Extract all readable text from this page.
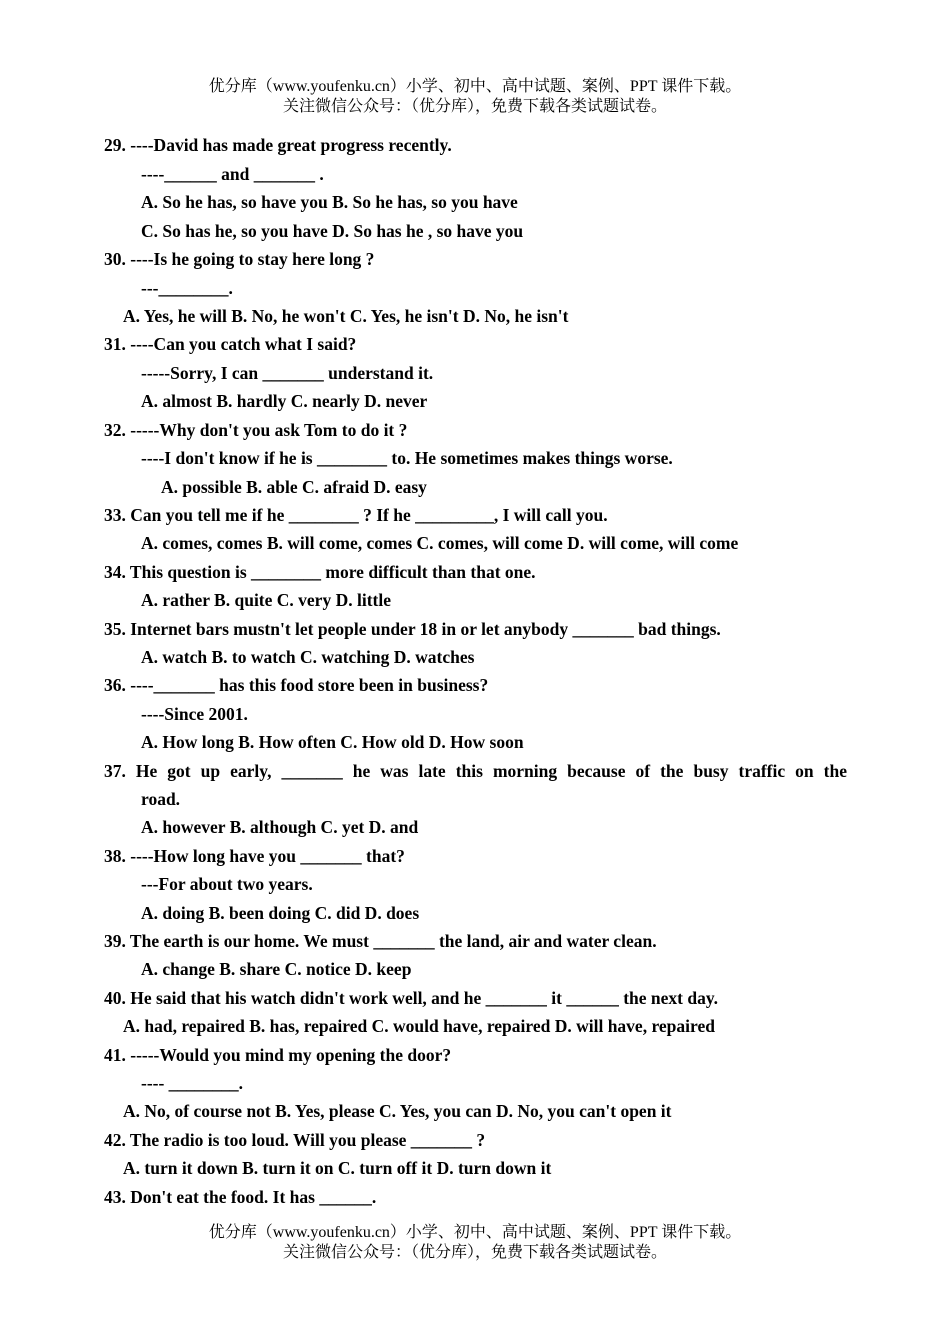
优分库（www.youfenku.cn）小学、初中、高中试题、案例、PPT 课件下载。
关注微信公众号：（优分库），免费下载各类试题试卷。
29. ----David has made great progress recently.
----______ and _______ .
A. So he has, so have you B. So he has, so you have
C. So has he, so you have D. So has he , so have you
30. ----Is he going to stay here long ?
---________.
A. Yes, he will B. No, he won't C. Yes, he isn't D. No, he isn't
31. ----Can you catch what I said?
-----Sorry, I can _______ understand it.
A. almost B. hardly C. nearly D. never
32. -----Why don't you ask Tom to do it ?
----I don't know if he is ________ to. He sometimes makes things worse.
A. possible B. able C. afraid D. easy
33. Can you tell me if he ________ ? If he _________, I will call you.
A. comes, comes B. will come, comes C. comes, will come D. will come, will come
34. This question is ________ more difficult than that one.
A. rather B. quite C. very D. little
35. Internet bars mustn't let people under 18 in or let anybody _______ bad things.
A. watch B. to watch C. watching D. watches
36. ----_______ has this food store been in business?
----Since 2001.
A. How long B. How often C. How old D. How soon
37. He got up early, _______ he was late this morning because of the busy traffic on the
road.
A. however B. although C. yet D. and
38. ----How long have you _______ that?
---For about two years.
A. doing B. been doing C. did D. does
39. The earth is our home. We must _______ the land, air and water clean.
A. change B. share C. notice D. keep
40. He said that his watch didn't work well, and he _______ it ______ the next day.
A. had, repaired B. has, repaired C. would have, repaired D. will have, repaired
41. -----Would you mind my opening the door?
---- ________.
A. No, of course not B. Yes, please C. Yes, you can D. No, you can't open it
42. The radio is too loud. Will you please _______ ?
A. turn it down B. turn it on C. turn off it D. turn down it
43. Don't eat the food. It has ______.
优分库（www.youfenku.cn）小学、初中、高中试题、案例、PPT 课件下载。
关注微信公众号：（优分库），免费下载各类试题试卷。
